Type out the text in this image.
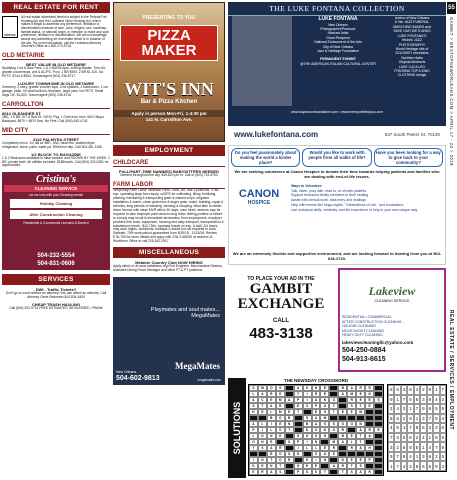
REAL ESTATE FOR RENT
NOTICE
All real estate advertised herein is subject to the Federal Fair Housing Act and the Louisiana Open Housing Act, which makes it illegal to advertise any preference, limitation or discrimination because of race, color, religion, sex, handicap, familial status, or national origin, or intention to make any such preference, limitation or discrimination. We will not knowingly accept any advertising for real estate which is in violation of the law. For more information, call the Louisiana Attorney General's Office at 1-800-273-5718.
OLD METAIRIE
BEST VALUE IN OLD METAIRIE
Sparkling 1 bd & Bdw Park. 1 & 2 BDRM Apts, w/Ring Master, Turn-Kit, granite countertops, w/d & AC/PC, Pool, 1 BR $900, 2 BR $1,100. No PETS. $744-9 $944. Owner/agent (504) 236-5717
LUXURY TOWNHOME IN OLD METAIRIE
Greenery, 2 story, granite counter tops, 2 bd upstairs, 2 bathrooms, 1 car garage, patio. Kit w/all built-ins, fireplace, large yard, No PETS. Small dogs OK. $1,800. Owner/agent (504) 236-5716
CARROLLTON
8012 OLEANDER ST.
2BD, 1.5 BR, KIT & Butt Dr. Off St. Pkg. 1.0 blk from Univ. W/D Hkups. Backyard. $670 + $670 Dep. No Pets. Call (504) 610-4741
MID CITY
3122 PALMYRA STREET
Completely renov. 1/2 dbl w/ 3BR, 1BA, hdwd flrs, washer/dryer, refrigerator, stove, patio, water pd. $900/mo+dep. Call 504-481-1166
1/2 BLOCK TO MAGAZINE
1 & 2 Bedrooms available in ideal location and ROOMS BY THE WEEK. 1 BR, private bath. All utilities included. $185/week. Call (504) 202-0381 for appointment.
Cristina's
CLEANING SERVICE
Let me help with your Cleaning needs!
Holiday Cleaning
After Construction Cleaning
Residential & Commercial Licensed & Bonded
504-232-5554
504-831-0606
SERVICES
DWI - Traffic Tickets?
Don't go to court without an attorney! You can afford an attorney. Call Attorney Gene Redmann 504-834-6430
CHEAP TRASH HAULING
Call (504) 292-0724 FREE ESTIMATES. BE BLESSED. FRANK
PRESENTING TO YOU
PIZZA MAKER
WIT'S INN
Bar & Pizza Kitchen
Apply in person Mon-Fri, 1-4:30 pm
141 N. Carrollton Ave.
EMPLOYMENT
CHILDCARE
FULL/PART-TIME NANNIES/ BABYSITTERS NEEDED
Needed throughout the city. $15-$20 per hr. Call or (504) 722-5792
FARM LABOR
Temporary Farm Labor: Bearskin Farm, Scott, AR, has 3 positions, 3 mo. exp. operating large farm equip. w/GPS for cultivating, tilling, fertilizing, planting, harvesting & transporting grain & oilseed crops; irrigation installation & maint.; clean grain bins & auger grain; maint. building, equip & vehicles; long periods of standing, bending & stooping. Must able to obtain driver license with clean MVR within 30 days; once hired, workers may be required to take employer paid random drug tests; testing positive or failure to comply may result in immediate termination from employment; employer provides free tools, equipment, housing and daily transport; transportation & subsistence reimb.; $10.73/hr, increase based on exp. & skill; 3/4 hours; may work nights, weekends, holidays & asked but not required to work Sabbath; 75% work period guaranteed from 8/30/18 - 11/15/18. Review ETA-790 for more details and apply with JO# 2189093 at nearest LA Workforce Office or call 225-342-2917.
MISCELLANEOUS
Metairie Country Club NOW HIRING
Apply within or at www.metairiecc.org First Engineer, Merchandise Director, Assistant Dining Room Manager and other FT & PT positions.
Playmates and soul mates...
MegaMates
MegaMates
New Orleans
504-602-9813	megamates.com
THE LUKE FONTANA COLLECTION
LUKE FONTANA
New Orleans
Photographer/Producer
Abstract Artist
Grant Recipient
National Endowment of the Arts
City of New Orleans
Jazz & Heritage Foundation
PERMANENT EXHIBIT
@THE AMERICAN ITALIAN CULTURAL CENTER
Author of New Orleans
& Her JAZZ FUNERAL
MARCHING BANDS and
SAVE OUR WETLANDS
LUKE FONTANA'S
Historic JAZZ
PHOTOGRAPHY
World Heritage site of
DOLOMITI mountains
Northern Italia
Original Abstracts
LUKE LUCA LEO
FONTANA TOP A KIND
CLOTHING design
www.bayoutoonfoundation.com • www.merryonthebayou.com
www.lukefontana.com	537 South Peters St. 70130
Do you feel passionately about making the world a kinder place?
Would you like to work with people from all walks of life?
Have you been looking for a way to give back to your community?
We are seeking volunteers at Canon Hospice to donate their time towards helping patients and families who are dealing with end-of-life issues.
CANON
HOSPICE
Ways to Volunteer:
Talk, listen, pray with, read to, or sit with patients
Support bereaved family members in their healing
Assist with clerical work, data entry and mailings
Help with events like bingo nights, "Celebrations of Life," and fundraisers
Use individual skills, creativity, and life experience to help in your own unique way
We are an extremely flexible and supportive environment, and are looking forward to hearing from you at 504-818-2723.
TO PLACE YOUR AD IN THE
GAMBIT
EXCHANGE
CALL
483-3138
Lakeview
CLEANING SERVICE
RESIDENTIAL • COMMERCIAL
AFTER CONSTRUCTION CLEANING
HOLIDAY CLEANING
MOVE-IN/OUT CLEANING
HEAVY DUTY CLEANING
lakeviewcleaningllc@yahoo.com
504-250-0884
504-913-6615
SOLUTIONS
THE NEWSDAY CROSSWORD
S	M	O	G	A	S	H	E	B	A	R	R
L	A	R	E	T	I	R	E	A	M	E	N
A	C	E	M	A	P	I	A	N	O	R	E	E	S
S	T	A	R	E	X	P	A	T	S	T	E
H	E	L	M	E	T	E	S	T	E	E	M
B	O	B	S	A	M
A	L	I	E	N	B	A	S	S	O	O	N
P	I	L	O	T	D	O	N	O	R	A	R	E
L	O	N	E	G	O	O	D	B	E	T	A
O	N	E	S	P	I	N	M	A	L	T
T	S	A	R	I	L	L	E	R	R	A	H
R	O	S	E	S	U	E
I	N	T	O	R	S	I	N	D	E	E	P
D	E	N	T	O	E	E	A	R	T	S
E	R	A	S	P	S	S	T	T	S	A	R
6 5 3 8 4 2 9 1 7
9 1 7 5 6 3 8 4 2
2 4 3 1 7 9 6 5 8
8 6 2 9 1 3 7 5 4
4 9 1 7 8 5 2 3 6
7 3 5 6 2 4 1 8 9
3 2 6 8 5 1 4 7 9
5 7 8 4 1 3 6 2 5
1 7 4 2 9 6 5 8 3
55
GAMBIT > BESTOFNEWORLEANS.COM > APRIL 17 - 23 > 2018
REAL ESTATE / SERVICES / EMPLOYMENT
